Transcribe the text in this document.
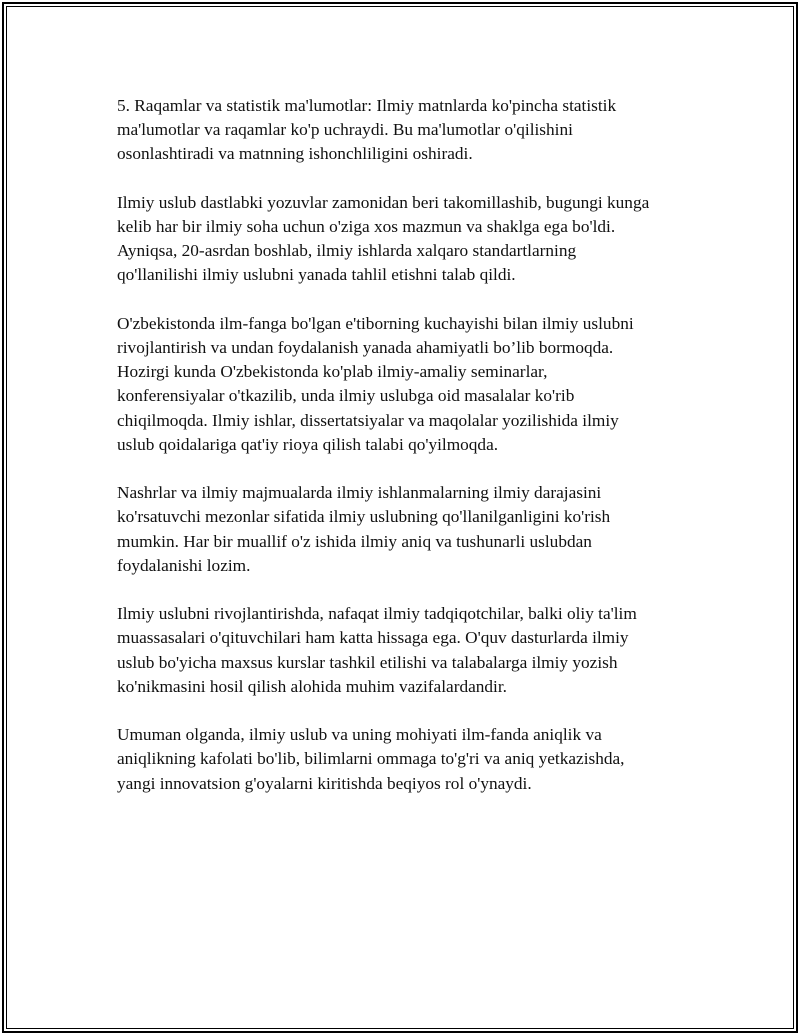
5. Raqamlar va statistik ma'lumotlar: Ilmiy matnlarda ko'pincha statistik
ma'lumotlar va raqamlar ko'p uchraydi. Bu ma'lumotlar o'qilishini
osonlashtiradi va matnning ishonchliligini oshiradi.

Ilmiy uslub dastlabki yozuvlar zamonidan beri takomillashib, bugungi kunga
kelib har bir ilmiy soha uchun o'ziga xos mazmun va shaklga ega bo'ldi.
Ayniqsa, 20-asrdan boshlab, ilmiy ishlarda xalqaro standartlarning
qo'llanilishi ilmiy uslubni yanada tahlil etishni talab qildi.

O'zbekistonda ilm-fanga bo'lgan e'tiborning kuchayishi bilan ilmiy uslubni
rivojlantirish va undan foydalanish yanada ahamiyatli bo’lib bormoqda.
Hozirgi kunda O'zbekistonda ko'plab ilmiy-amaliy seminarlar,
konferensiyalar o'tkazilib, unda ilmiy uslubga oid masalalar ko'rib
chiqilmoqda. Ilmiy ishlar, dissertatsiyalar va maqolalar yozilishida ilmiy
uslub qoidalariga qat'iy rioya qilish talabi qo'yilmoqda.

Nashrlar va ilmiy majmualarda ilmiy ishlanmalarning ilmiy darajasini
ko'rsatuvchi mezonlar sifatida ilmiy uslubning qo'llanilganligini ko'rish
mumkin. Har bir muallif o'z ishida ilmiy aniq va tushunarli uslubdan
foydalanishi lozim.

Ilmiy uslubni rivojlantirishda, nafaqat ilmiy tadqiqotchilar, balki oliy ta'lim
muassasalari o'qituvchilari ham katta hissaga ega. O'quv dasturlarda ilmiy
uslub bo'yicha maxsus kurslar tashkil etilishi va talabalarga ilmiy yozish
ko'nikmasini hosil qilish alohida muhim vazifalardandir.

Umuman olganda, ilmiy uslub va uning mohiyati ilm-fanda aniqlik va
aniqlikning kafolati bo'lib, bilimlarni ommaga to'g'ri va aniq yetkazishda,
yangi innovatsion g'oyalarni kiritishda beqiyos rol o'ynaydi.
